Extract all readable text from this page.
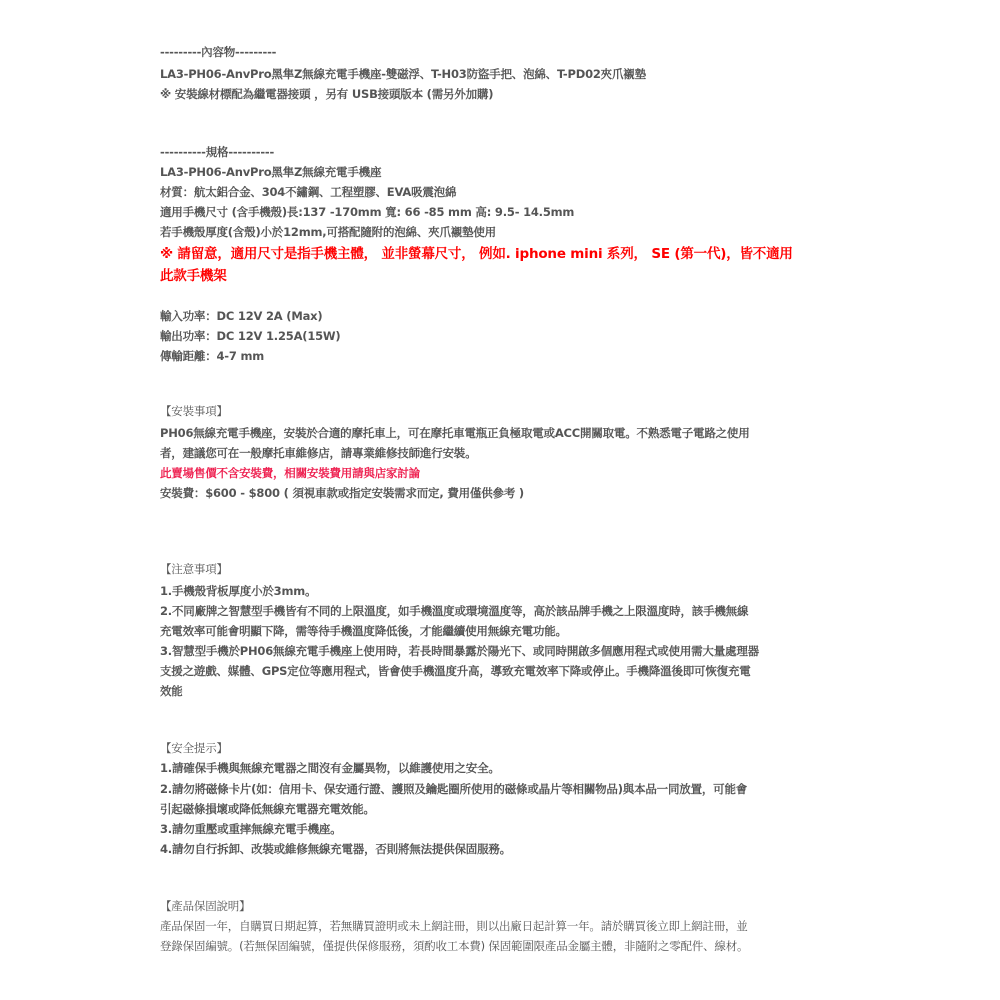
---------內容物---------
LA3-PH06-AnvPro黑隼Z無線充電手機座-雙磁浮、T-H03防盜手把、泡綿、T-PD02夾爪襯墊
※ 安裝線材標配為繼電器接頭 ，另有 USB接頭版本 (需另外加購)
----------規格----------
LA3-PH06-AnvPro黑隼Z無線充電手機座
材質：航太鋁合金、304不鏽鋼、工程塑膠、EVA吸震泡綿
適用手機尺寸 (含手機殼)長:137 -170mm 寬: 66 -85 mm 高: 9.5- 14.5mm
若手機殼厚度(含殼)小於12mm,可搭配隨附的泡綿、夾爪襯墊使用
※ 請留意，適用尺寸是指手機主體， 並非螢幕尺寸， 例如. iphone mini 系列， SE (第一代)，皆不適用
此款手機架
輸入功率：DC 12V 2A (Max)
輸出功率：DC 12V 1.25A(15W)
傳輸距離：4-7 mm
【安裝事項】
PH06無線充電手機座，安裝於合適的摩托車上，可在摩托車電瓶正負極取電或ACC開關取電。不熟悉電子電路之使用
者，建議您可在一般摩托車維修店，請專業維修技師進行安裝。
此賣場售價不含安裝費，相關安裝費用請與店家討論
安裝費：$600 - $800 ( 須視車款或指定安裝需求而定, 費用僅供參考 )
【注意事項】
1.手機殼背板厚度小於3mm。
2.不同廠牌之智慧型手機皆有不同的上限溫度，如手機溫度或環境溫度等，高於該品牌手機之上限溫度時，該手機無線
充電效率可能會明顯下降，需等待手機溫度降低後，才能繼續使用無線充電功能。
3.智慧型手機於PH06無線充電手機座上使用時，若長時間暴露於陽光下、或同時開啟多個應用程式或使用需大量處理器
支援之遊戲、媒體、GPS定位等應用程式，皆會使手機溫度升高，導致充電效率下降或停止。手機降溫後即可恢復充電
效能
【安全提示】
1.請確保手機與無線充電器之間沒有金屬異物，以維護使用之安全。
2.請勿將磁條卡片(如：信用卡、保安通行證、護照及鑰匙圈所使用的磁條或晶片等相關物品)與本品一同放置，可能會
引起磁條損壞或降低無線充電器充電效能。
3.請勿重壓或重摔無線充電手機座。
4.請勿自行拆卸、改裝或維修無線充電器，否則將無法提供保固服務。
【產品保固說明】
產品保固一年，自購買日期起算，若無購買證明或未上網註冊，則以出廠日起計算一年。請於購買後立即上網註冊，並
登錄保固編號。(若無保固編號，僅提供保修服務，須酌收工本費) 保固範圍限產品金屬主體，非隨附之零配件、線材。
